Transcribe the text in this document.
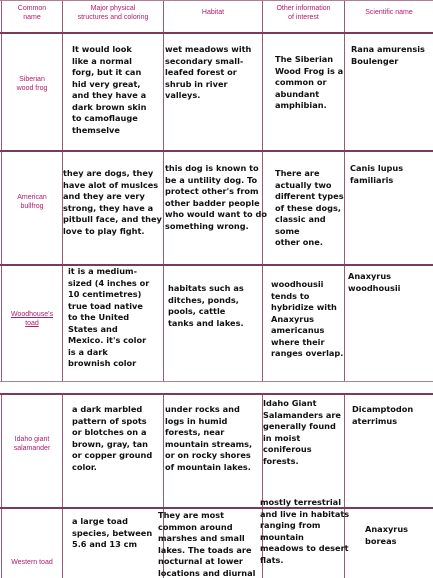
Common
name
Major physical
structures and coloring
Habitat
Other information
of interest
Scientific name
Siberian
wood frog
It would look
like a normal
forg, but it can
hid very great,
and they have a
dark brown skin
to camoflauge
themselve
wet meadows with
secondary small-
leafed forest or
shrub in river
valleys.
The Siberian
Wood Frog is a
common or
abundant
amphibian.
Rana amurensis
Boulenger
American
bullfrog
they are dogs, they
have alot of muslces
and they are very
strong, they have a
pitbull face, and they
love to play fight.
this dog is known to
be a untility dog. To
protect other's from
other badder people
who would want to do
something wrong.
There are
actually two
different types
of these dogs,
classic and some
other one.
Canis lupus
familiaris
Woodhouse's
toad
it is a medium-
sized (4 inches or
10 centimetres)
true toad native
to the United
States and
Mexico. it's color
is a dark
brownish color
habitats such as
ditches, ponds,
pools, cattle
tanks and lakes.
woodhousii
tends to
hybridize with
Anaxyrus
americanus
where their
ranges overlap.
Anaxyrus
woodhousii
Idaho giant
salamander
a dark marbled
pattern of spots
or blotches on a
brown, gray, tan
or copper ground
color.
under rocks and
logs in humid
forests, near
mountain streams,
or on rocky shores
of mountain lakes.
Idaho Giant
Salamanders are
generally found
in moist
coniferous
forests.
Dicamptodon
aterrimus
Western toad
a large toad
species, between
5.6 and 13 cm
They are most
common around
marshes and small
lakes. The toads are
nocturnal at lower
locations and diurnal
mostly terrestrial
and live in habitats
ranging from
mountain
meadows to desert
flats.
Anaxyrus
boreas
